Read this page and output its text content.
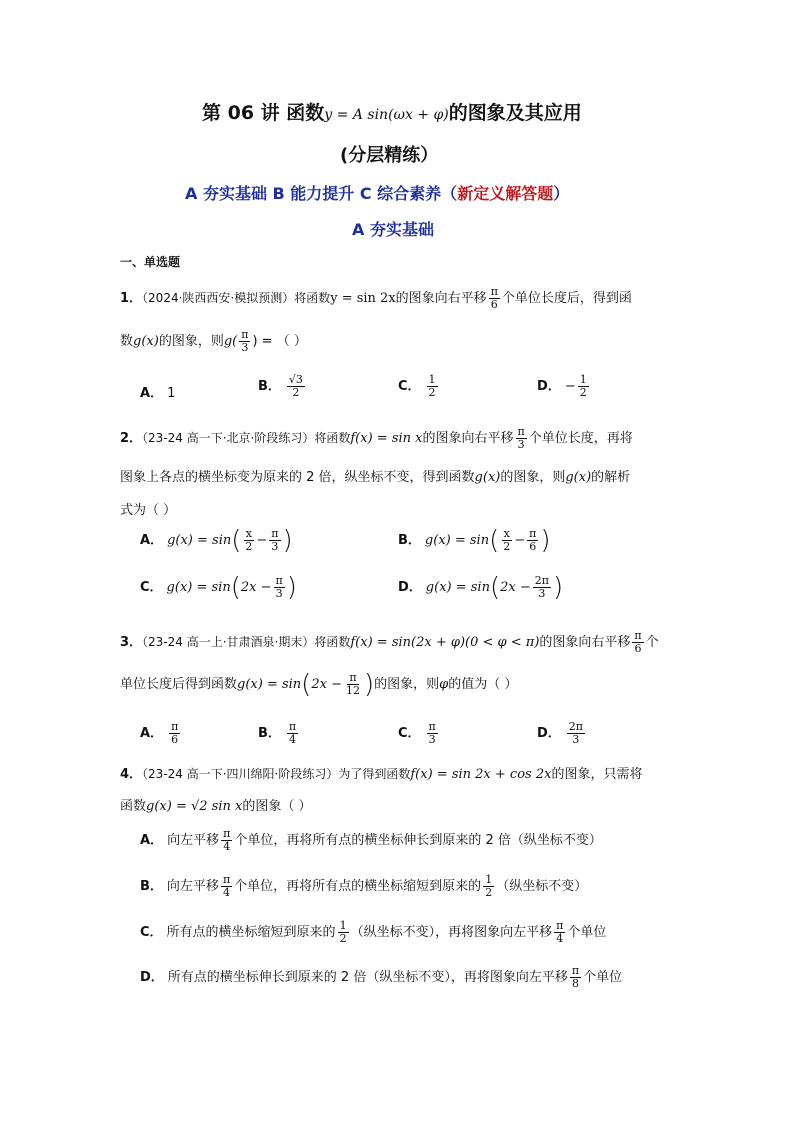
第 06 讲 函数y = A sin(ωx + φ)的图象及其应用
(分层精练）
A 夯实基础 B 能力提升 C 综合素养（新定义解答题）
A 夯实基础
一、单选题
1．（2024·陕西西安·模拟预测）将函数y = sin 2x的图象向右平移 $\frac{\pi}{6}$ 个单位长度后，得到函
数g(x)的图象，则$g( \frac{\pi}{3}$ ) = （ ）
A． 1	B． $\frac{√3}{2}$	C． $\frac{1}{2}$	D． − $\frac{1}{2}$
2．（23-24 高一下·北京·阶段练习）将函数f(x) = sin x的图象向右平移 $\frac{\pi}{3}$ 个单位长度，再将
图象上各点的横坐标变为原来的 2 倍，纵坐标不变，得到函数g(x)的图象，则g(x)的解析
式为（ ）
A． $g(x) = \sin( \frac{x}{2} - \frac{\pi}{3}$ )	B． $g(x) = \sin( \frac{x}{2} - \frac{\pi}{6}$ )
C． $g(x) = \sin(2x - \frac{\pi}{3}$ )	D． $g(x) = \sin(2x - \frac{2\pi}{3}$ )
3．（23-24 高一上·甘肃酒泉·期末）将函数f(x) = sin(2x + φ)(0 < φ < π)的图象向右平移 $\frac{\pi}{6}$ 个
单位长度后得到函数$g(x) = \sin(2x - \frac{\pi}{12}$ )的图象，则φ的值为（ ）
A． $\frac{\pi}{6}$	B． $\frac{\pi}{4}$	C． $\frac{\pi}{3}$	D． $\frac{2\pi}{3}$
4．（23-24 高一下·四川绵阳·阶段练习）为了得到函数f(x) = sin 2x + cos 2x的图象，只需将
函数g(x) = √2 sin x的图象（ ）
A． 向左平移 $\frac{\pi}{4}$ 个单位，再将所有点的横坐标伸长到原来的 2 倍（纵坐标不变）
B． 向左平移 $\frac{\pi}{4}$ 个单位，再将所有点的横坐标缩短到原来的 $\frac{1}{2}$ （纵坐标不变）
C． 所有点的横坐标缩短到原来的 $\frac{1}{2}$ （纵坐标不变），再将图象向左平移 $\frac{\pi}{4}$ 个单位
D． 所有点的横坐标伸长到原来的 2 倍（纵坐标不变），再将图象向左平移 $\frac{\pi}{8}$ 个单位
